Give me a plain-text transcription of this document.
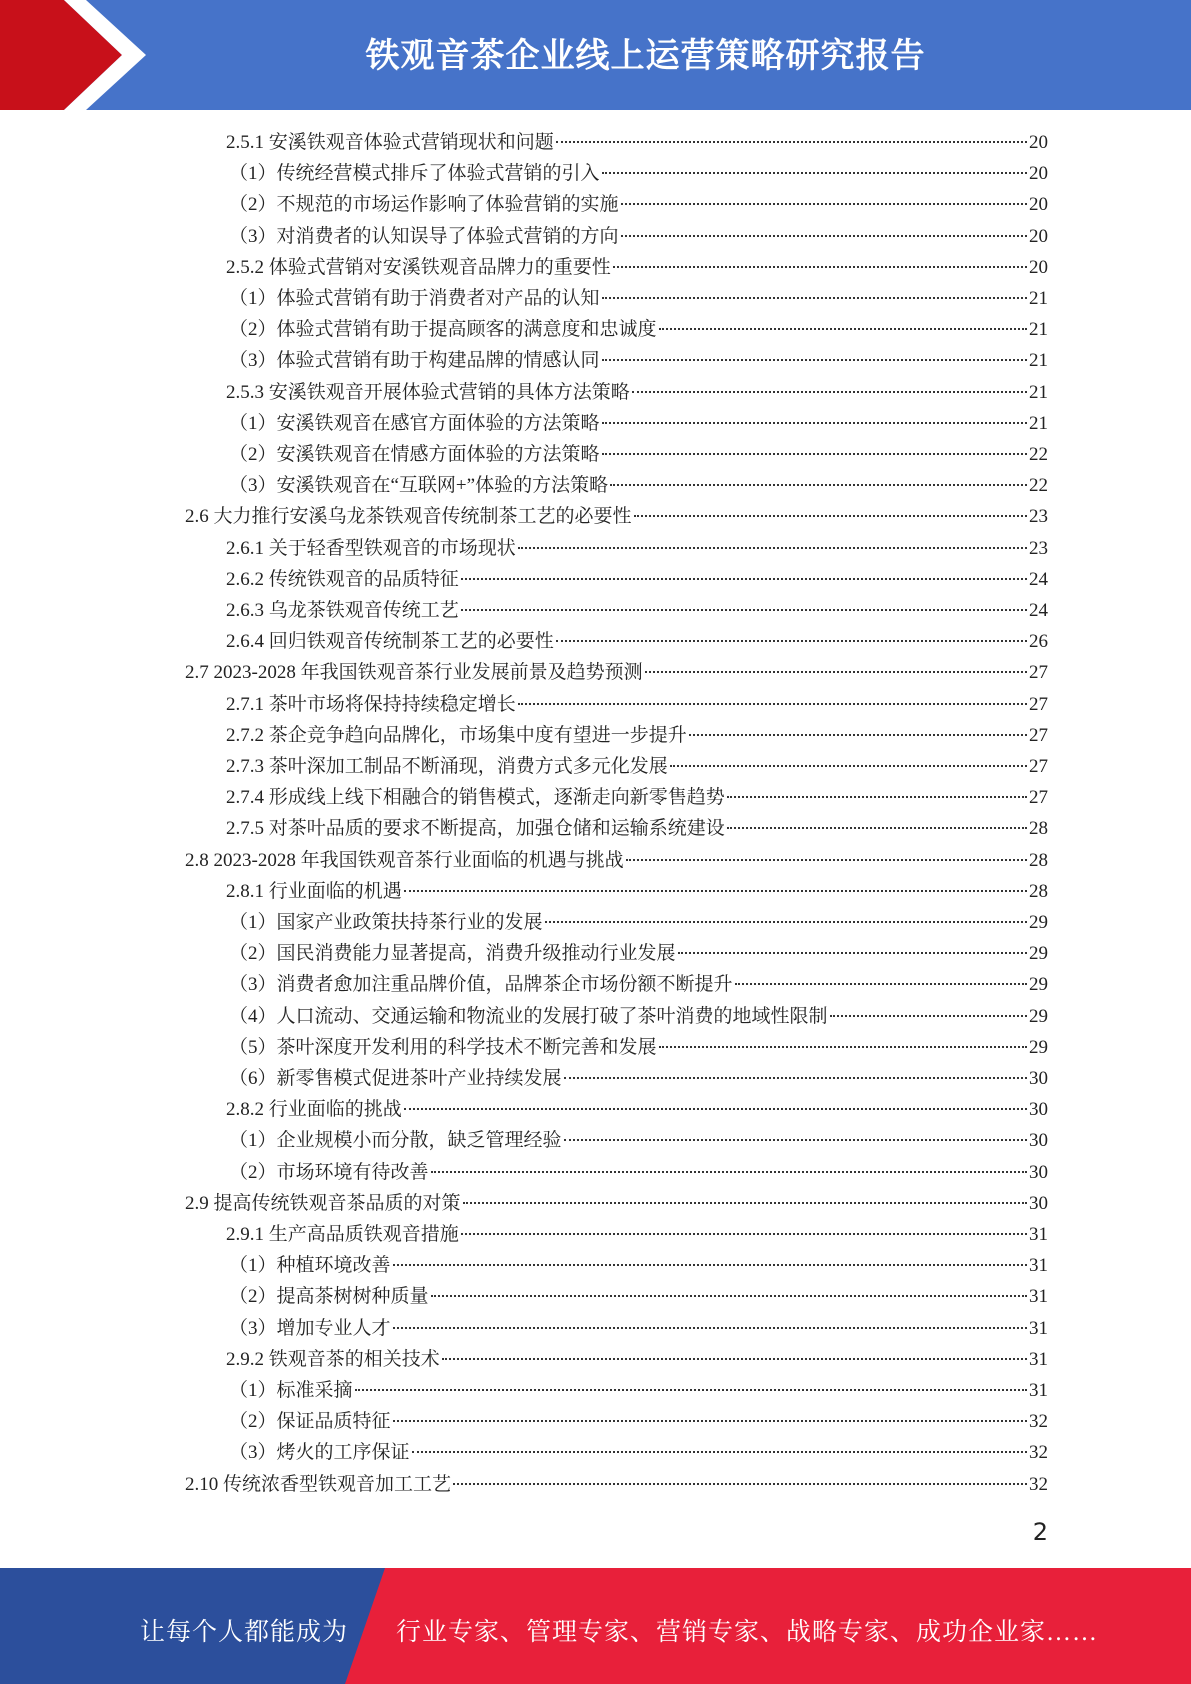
铁观音茶企业线上运营策略研究报告
2.5.1 安溪铁观音体验式营销现状和问题	20
（1）传统经营模式排斥了体验式营销的引入	20
（2）不规范的市场运作影响了体验营销的实施	20
（3）对消费者的认知误导了体验式营销的方向	20
2.5.2 体验式营销对安溪铁观音品牌力的重要性	20
（1）体验式营销有助于消费者对产品的认知	21
（2）体验式营销有助于提高顾客的满意度和忠诚度	21
（3）体验式营销有助于构建品牌的情感认同	21
2.5.3 安溪铁观音开展体验式营销的具体方法策略	21
（1）安溪铁观音在感官方面体验的方法策略	21
（2）安溪铁观音在情感方面体验的方法策略	22
（3）安溪铁观音在“互联网+”体验的方法策略	22
2.6 大力推行安溪乌龙茶铁观音传统制茶工艺的必要性	23
2.6.1 关于轻香型铁观音的市场现状	23
2.6.2 传统铁观音的品质特征	24
2.6.3 乌龙茶铁观音传统工艺	24
2.6.4 回归铁观音传统制茶工艺的必要性	26
2.7 2023-2028 年我国铁观音茶行业发展前景及趋势预测	27
2.7.1 茶叶市场将保持持续稳定增长	27
2.7.2 茶企竞争趋向品牌化，市场集中度有望进一步提升	27
2.7.3 茶叶深加工制品不断涌现，消费方式多元化发展	27
2.7.4 形成线上线下相融合的销售模式，逐渐走向新零售趋势	27
2.7.5 对茶叶品质的要求不断提高，加强仓储和运输系统建设	28
2.8 2023-2028 年我国铁观音茶行业面临的机遇与挑战	28
2.8.1 行业面临的机遇	28
（1）国家产业政策扶持茶行业的发展	29
（2）国民消费能力显著提高，消费升级推动行业发展	29
（3）消费者愈加注重品牌价值，品牌茶企市场份额不断提升	29
（4）人口流动、交通运输和物流业的发展打破了茶叶消费的地域性限制	29
（5）茶叶深度开发利用的科学技术不断完善和发展	29
（6）新零售模式促进茶叶产业持续发展	30
2.8.2 行业面临的挑战	30
（1）企业规模小而分散，缺乏管理经验	30
（2）市场环境有待改善	30
2.9 提高传统铁观音茶品质的对策	30
2.9.1 生产高品质铁观音措施	31
（1）种植环境改善	31
（2）提高茶树树种质量	31
（3）增加专业人才	31
2.9.2 铁观音茶的相关技术	31
（1）标准采摘	31
（2）保证品质特征	32
（3）烤火的工序保证	32
2.10 传统浓香型铁观音加工工艺	32
2
让每个人都能成为 行业专家、管理专家、营销专家、战略专家、成功企业家……
